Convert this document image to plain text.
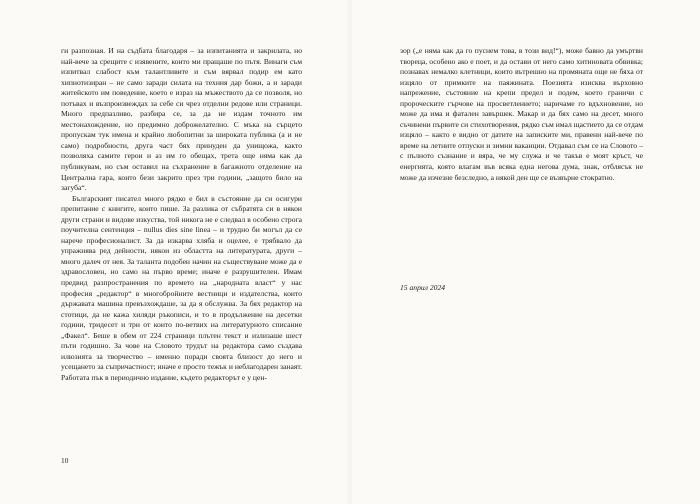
ги разпозная. И на съдбата благодаря – за изпитанията и закрилата, но най-вече за срещите с изявените, които ми пращаше по пътя. Винаги съм изпитвал слабост към талантливите и съм вярвал подир ем като хипнотизиран – не само заради силата на техния дар божи, а и заради житейското им поведение, което е израз на мъжеството да се позволя, но потъвах и възпроизвеждах за себе си чрез отделни редове или страници. Много предпазливо, разбира се, за да не издам точното им местонахождение, но предимно доброжелателно. С мъка на сърцето пропускам тук имена и крайно любопитни за широката публика (а и не само) подробности, друга част бях принуден да унищожа, както позволяха самите герои и аз им го обещах, трета още няма как да публикувам, но съм оставил на съхранение в багажното отделение на Централна гара, които бези закрито през три години, „защото било на загуба“.

Българският писател много рядко е бил в състояние да си осигури препитание с книгите, които пише. За разлика от събратята си в някои други страни и видове изкуства, той никога не е следвал в особено строга поучителна сентенция – nullus dies sine linea – и трудно би могъл да се нарече професионалист. За да изкарва хляба и оцелее, е трябвало да упражнява ред дейности, някои из областта на литературата, други – много далеч от нея. За таланта подобен начин на съществуване може да е здравословен, но само на първо време; иначе е разрушителен. Имам предвид разпространения по времето на „народната власт“ у нас професия „редактор“ в многобройните вестници и издателства, които държавата машина превъзхождаше, за да я обслужва. За бях редактор на стотици, да не кажа хиляди ръкописи, и то в продължение на десетки години, тридесет и три от които по-ветвих на литературното списание „Факел“. Беше в обем от 224 страници плътен текст и излизаше шест пъти годишно. За чове на Словото трудът на редактора само създава илюзията за творчество – именно поради своята близост до него и усещането за съпричастност; иначе е просто тежък и неблагодарен занаят. Работата пък в периодично издание, където редакторът е у цен-

10

зор („е няма как да го пуснем това, в този вид!“), може бавно да умъртви твореца, особено ако е поет, и да остави от него само хитиновата обвивка; познавах немалко клетници, които вътрешно на промяната още не бяха от изцяло от примките на паяжината. Поезията изисква върховно напрежение, състояние на крепи предел и подем, което граничи с пророческите гърчове на просветлението; наричаме го вдъхновение, но може да има и фатален завършек. Макар и да бях само на десет, много съчинени първите си стихотворения, рядко съм имал щастието да се отдам изцяло – както е видно от датите на записките ми, правени най-вече по време на летните отпуски и зимни ваканции. Отдавал съм се на Словото – с пълното съзнание и вяра, че му служа и че такъв е моят кръст, че енергията, която влагам във всяка една негова дума, знак, отблясък не може да изчезне безследно, а някой ден ще се възвърне стократно.

15 април 2024
